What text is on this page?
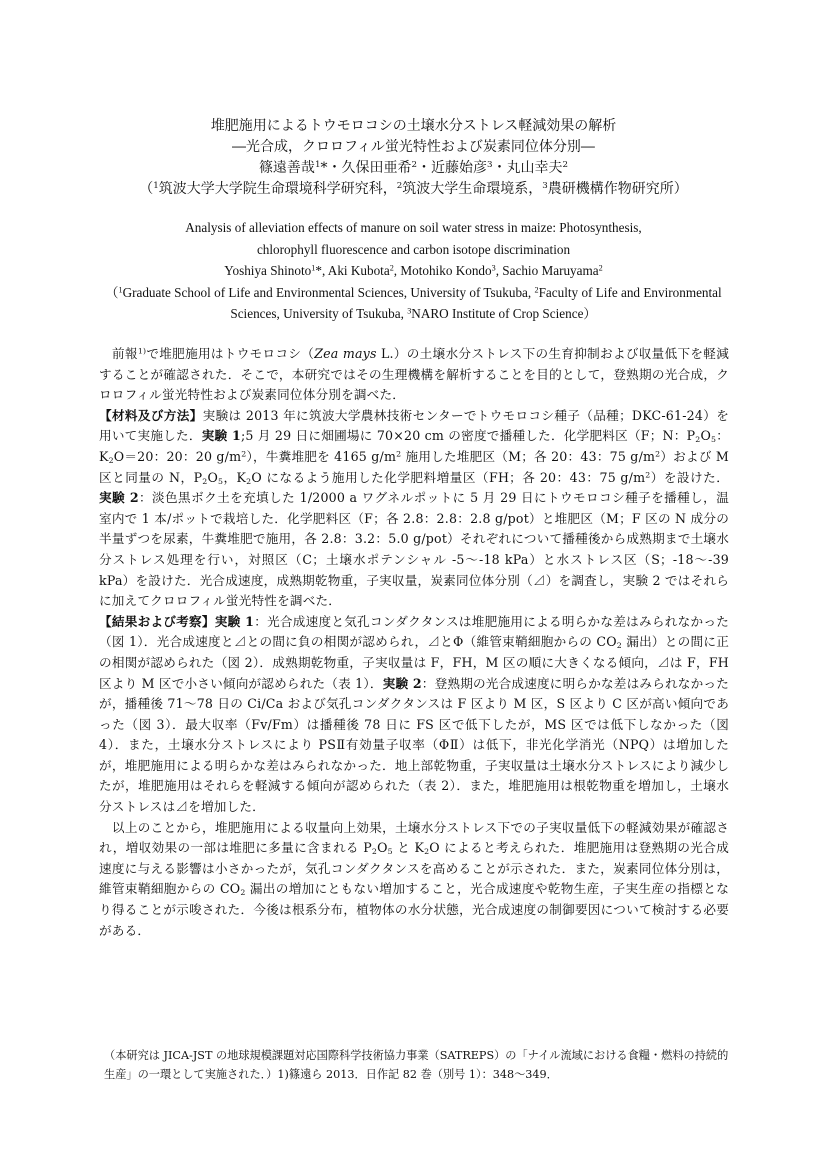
堆肥施用によるトウモロコシの土壌水分ストレス軽減効果の解析
―光合成，クロロフィル蛍光特性および炭素同位体分別―
篠遠善哉$^1$*・久保田亜希$^2$・近藤始彦$^3$・丸山幸夫$^2$
（$^1$筑波大学大学院生命環境科学研究科，$^2$筑波大学生命環境系，$^3$農研機構作物研究所）
Analysis of alleviation effects of manure on soil water stress in maize: Photosynthesis,
chlorophyll fluorescence and carbon isotope discrimination
Yoshiya Shinoto$^1$*, Aki Kubota$^2$, Motohiko Kondo$^3$, Sachio Maruyama$^2$
（$^1$Graduate School of Life and Environmental Sciences, University of Tsukuba, $^2$Faculty of Life and Environmental Sciences, University of Tsukuba, $^3$NARO Institute of Crop Science）

前報$^{1)}$で堆肥施用はトウモロコシ（Zea mays L.）の土壌水分ストレス下の生育抑制および収量低下を軽減することが確認された．そこで，本研究ではその生理機構を解析することを目的として，登熟期の光合成，クロロフィル蛍光特性および炭素同位体分別を調べた．

【材料及び方法】実験は 2013 年に筑波大学農林技術センターでトウモロコシ種子（品種；DKC-61-24）を用いて実施した．実験 1;5 月 29 日に畑圃場に 70×20 cm の密度で播種した．化学肥料区（F；N：$P_2O_5$：$K_2O=20$：20：20 $g/m^2$），牛糞堆肥を 4165 $g/m^2$ 施用した堆肥区（M；各 20：43：75 $g/m^2$）および M 区と同量の N，$P_2O_5$，$K_2O$ になるよう施用した化学肥料増量区（FH；各 20：43：75 $g/m^2$）を設けた．実験 2：淡色黒ボク土を充填した 1/2000 a ワグネルポットに 5 月 29 日にトウモロコシ種子を播種し，温室内で 1 本/ポットで栽培した．化学肥料区（F；各 2.8：2.8：2.8 g/pot）と堆肥区（M；F 区の N 成分の半量ずつを尿素，牛糞堆肥で施用，各 2.8：3.2：5.0 g/pot）それぞれについて播種後から成熟期まで土壌水分ストレス処理を行い，対照区（C；土壌水ポテンシャル -5～-18 kPa）と水ストレス区（S；-18～-39 kPa）を設けた．光合成速度，成熟期乾物重，子実収量，炭素同位体分別（⊿）を調査し，実験 2 ではそれらに加えてクロロフィル蛍光特性を調べた．

【結果および考察】実験 1：光合成速度と気孔コンダクタンスは堆肥施用による明らかな差はみられなかった（図 1）．光合成速度と⊿との間に負の相関が認められ，⊿とΦ（維管束鞘細胞からの $CO_2$ 漏出）との間に正の相関が認められた（図 2）．成熟期乾物重，子実収量は F，FH，M 区の順に大きくなる傾向，⊿は F，FH 区より M 区で小さい傾向が認められた（表 1）．実験 2：登熟期の光合成速度に明らかな差はみられなかったが，播種後 71～78 日の Ci/Ca および気孔コンダクタンスは F 区より M 区，S 区より C 区が高い傾向であった（図 3）．最大収率（Fv/Fm）は播種後 78 日に FS 区で低下したが，MS 区では低下しなかった（図 4）．また，土壌水分ストレスにより PSⅡ有効量子収率（ΦⅡ）は低下，非光化学消光（NPQ）は増加したが，堆肥施用による明らかな差はみられなかった．地上部乾物重，子実収量は土壌水分ストレスにより減少したが，堆肥施用はそれらを軽減する傾向が認められた（表 2）．また，堆肥施用は根乾物重を増加し，土壌水分ストレスは⊿を増加した．

以上のことから，堆肥施用による収量向上効果，土壌水分ストレス下での子実収量低下の軽減効果が確認され，増収効果の一部は堆肥に多量に含まれる $P_2O_5$ と $K_2O$ によると考えられた．堆肥施用は登熟期の光合成速度に与える影響は小さかったが，気孔コンダクタンスを高めることが示された．また，炭素同位体分別は，維管束鞘細胞からの $CO_2$ 漏出の増加にともない増加すること，光合成速度や乾物生産，子実生産の指標となり得ることが示唆された．今後は根系分布，植物体の水分状態，光合成速度の制御要因について検討する必要がある．

（本研究は JICA-JST の地球規模課題対応国際科学技術協力事業（SATREPS）の「ナイル流域における食糧・燃料の持続的生産」の一環として実施された．）1)篠遠ら 2013．日作記 82 巻（別号 1）：348～349．
